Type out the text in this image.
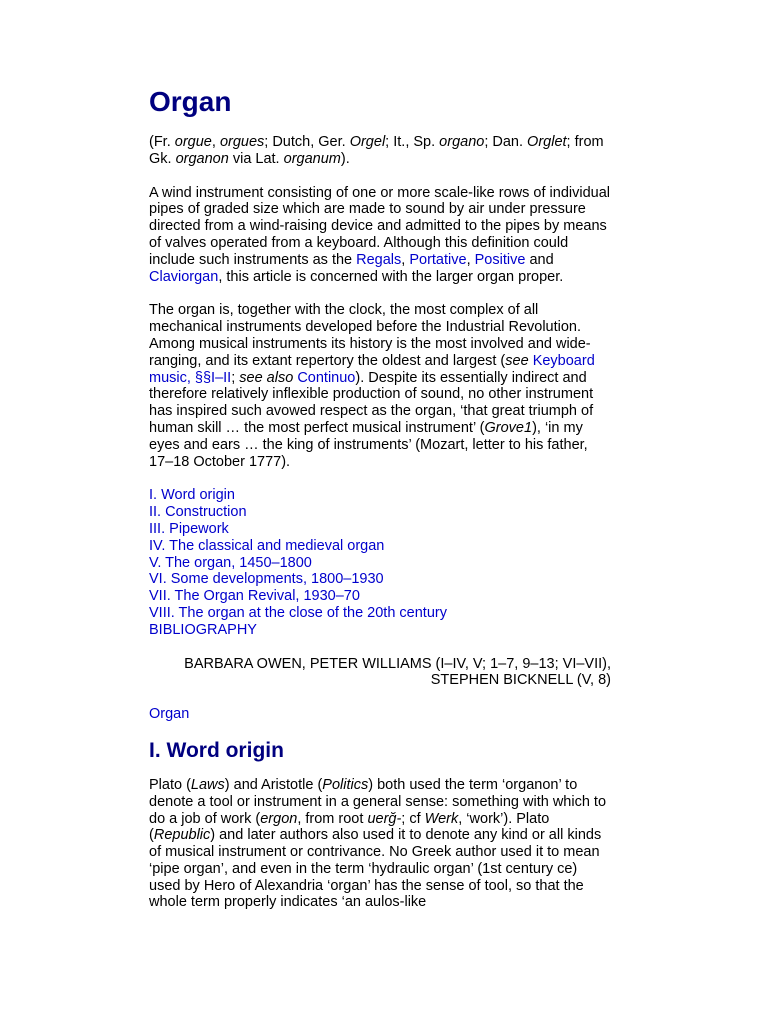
Organ

(Fr. orgue, orgues; Dutch, Ger. Orgel; It., Sp. organo; Dan. Orglet; from Gk. organon via Lat. organum).

A wind instrument consisting of one or more scale-like rows of individual pipes of graded size which are made to sound by air under pressure directed from a wind-raising device and admitted to the pipes by means of valves operated from a keyboard. Although this definition could include such instruments as the Regals, Portative, Positive and Claviorgan, this article is concerned with the larger organ proper.

The organ is, together with the clock, the most complex of all mechanical instruments developed before the Industrial Revolution. Among musical instruments its history is the most involved and wide-ranging, and its extant repertory the oldest and largest (see Keyboard music, §§I–II; see also Continuo). Despite its essentially indirect and therefore relatively inflexible production of sound, no other instrument has inspired such avowed respect as the organ, ‘that great triumph of human skill … the most perfect musical instrument’ (Grove1), ‘in my eyes and ears … the king of instruments’ (Mozart, letter to his father, 17–18 October 1777).

I. Word origin
II. Construction
III. Pipework
IV. The classical and medieval organ
V. The organ, 1450–1800
VI. Some developments, 1800–1930
VII. The Organ Revival, 1930–70
VIII. The organ at the close of the 20th century
BIBLIOGRAPHY
BARBARA OWEN, PETER WILLIAMS (I–IV, V; 1–7, 9–13; VI–VII),
STEPHEN BICKNELL (V, 8)
Organ
I. Word origin

Plato (Laws) and Aristotle (Politics) both used the term ‘organon’ to denote a tool or instrument in a general sense: something with which to do a job of work (ergon, from root uerğ-; cf Werk, ‘work’). Plato (Republic) and later authors also used it to denote any kind or all kinds of musical instrument or contrivance. No Greek author used it to mean ‘pipe organ’, and even in the term ‘hydraulic organ’ (1st century ce) used by Hero of Alexandria ‘organ’ has the sense of tool, so that the whole term properly indicates ‘an aulos-like
